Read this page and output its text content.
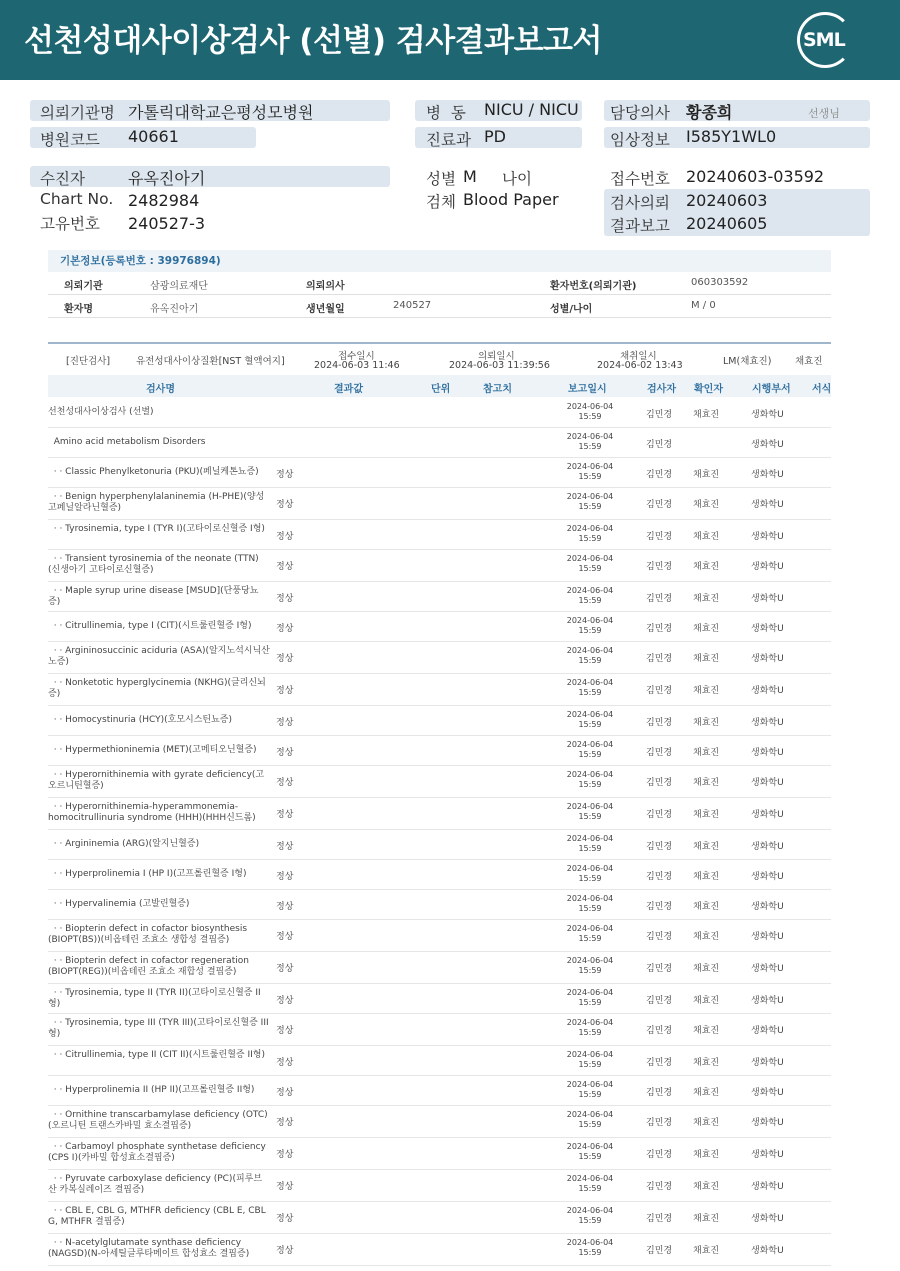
선천성대사이상검사 (선별) 검사결과보고서	SML
의뢰기관명 가톨릭대학교은평성모병원
병원코드 40661
병  동 NICU / NICU
진료과 PD
담당의사 황종희	선생님
임상정보 I585Y1WL0
수진자	유옥진아기
Chart No. 2482984
고유번호 240527-3
성별 M 나이
검체 Blood Paper
접수번호 20240603-03592
검사의뢰 20240603
결과보고 20240605
기본정보(등록번호 : 39976894)
의뢰기관	삼광의료재단	의뢰의사	환자번호(의뢰기관)	060303592
환자명	유옥진아기	생년월일	240527	성별/나이	M / 0
[진단검사]	유전성대사이상질환[NST 혈액여지]	접수일시
2024-06-03 11:46
의뢰일시
2024-06-03 11:39:56
채취일시
2024-06-02 13:43	LM(채효진) 채효진
검사명	결과값	단위	참고치	보고일시	검사자 확인자	시행부서 서식
선천성대사이상검사 (선별)
2024-06-04
15:59	김민경 채효진	생화학U
Amino acid metabolism Disorders
2024-06-04
15:59	김민경	생화학U
· · Classic Phenylketonuria (PKU)(페닐케톤뇨증)	정상
2024-06-04
15:59	김민경 채효진	생화학U
· · Benign hyperphenylalaninemia (H-PHE)(양성 고페닐알라닌혈증)	정상
2024-06-04
15:59	김민경 채효진	생화학U
· · Tyrosinemia, type I (TYR I)(고타이로신혈증 I형)
정상
2024-06-04
15:59	김민경 채효진	생화학U
· · Transient tyrosinemia of the neonate (TTN)(신생아기 고타이로신혈증)	정상
2024-06-04
15:59	김민경 채효진	생화학U
· · Maple syrup urine disease [MSUD](단풍당뇨증)	정상
2024-06-04
15:59	김민경 채효진	생화학U
· · Citrullinemia, type I (CIT)(시트룰린혈증 I형)	정상
2024-06-04
15:59	김민경 채효진	생화학U
· · Argininosuccinic aciduria (ASA)(알지노석시닉산노증)	정상
2024-06-04
15:59	김민경 채효진	생화학U
· · Nonketotic hyperglycinemia (NKHG)(글리신뇌증)	정상
2024-06-04
15:59	김민경 채효진	생화학U
· · Homocystinuria (HCY)(호모시스틴뇨증)	정상
2024-06-04
15:59	김민경 채효진	생화학U
· · Hypermethioninemia (MET)(고메티오닌혈증)	정상
2024-06-04
15:59	김민경 채효진	생화학U
· · Hyperornithinemia with gyrate deficiency(고오르니틴혈증)	정상
2024-06-04
15:59	김민경 채효진	생화학U
· · Hyperornithinemia-hyperammonemia-homocitrullinuria syndrome (HHH)(HHH신드롬)	정상
2024-06-04
15:59	김민경 채효진	생화학U
· · Argininemia (ARG)(알지닌혈증)	정상
2024-06-04
15:59	김민경 채효진	생화학U
· · Hyperprolinemia I (HP I)(고프롤린혈증 I형)	정상
2024-06-04
15:59	김민경 채효진	생화학U
· · Hypervalinemia (고발린혈증)	정상
2024-06-04
15:59	김민경 채효진	생화학U
· · Biopterin defect in cofactor biosynthesis (BIOPT(BS))(비옵테린 조효소 생합성 결핍증)	정상
2024-06-04
15:59	김민경 채효진	생화학U
· · Biopterin defect in cofactor regeneration (BIOPT(REG))(비옵테린 조효소 재합성 결핍증)	정상
2024-06-04
15:59	김민경 채효진	생화학U
· · Tyrosinemia, type II (TYR II)(고타이로신혈증 II형)	정상
2024-06-04
15:59	김민경 채효진	생화학U
· · Tyrosinemia, type III (TYR III)(고타이로신혈증 III형)	정상
2024-06-04
15:59	김민경 채효진	생화학U
· · Citrullinemia, type II (CIT II)(시트룰린혈증 II형)
정상
2024-06-04
15:59	김민경 채효진	생화학U
· · Hyperprolinemia II (HP II)(고프롤린혈증 II형)	정상
2024-06-04
15:59	김민경 채효진	생화학U
· · Ornithine transcarbamylase deficiency (OTC)(오르니틴 트랜스카바밀 효소결핍증)	정상
2024-06-04
15:59	김민경 채효진	생화학U
· · Carbamoyl phosphate synthetase deficiency (CPS I)(카바밀 합성효소결핍증)	정상
2024-06-04
15:59	김민경 채효진	생화학U
· · Pyruvate carboxylase deficiency (PC)(피루브산 카복실레이즈 결핍증)	정상
2024-06-04
15:59	김민경 채효진	생화학U
· · CBL E, CBL G, MTHFR deficiency (CBL E, CBL G, MTHFR 결핍증)	정상
2024-06-04
15:59	김민경 채효진	생화학U
· · N-acetylglutamate synthase deficiency (NAGSD)(N-아세틸글루타메이트 합성효소 결핍증)	정상
2024-06-04
15:59	김민경 채효진	생화학U
